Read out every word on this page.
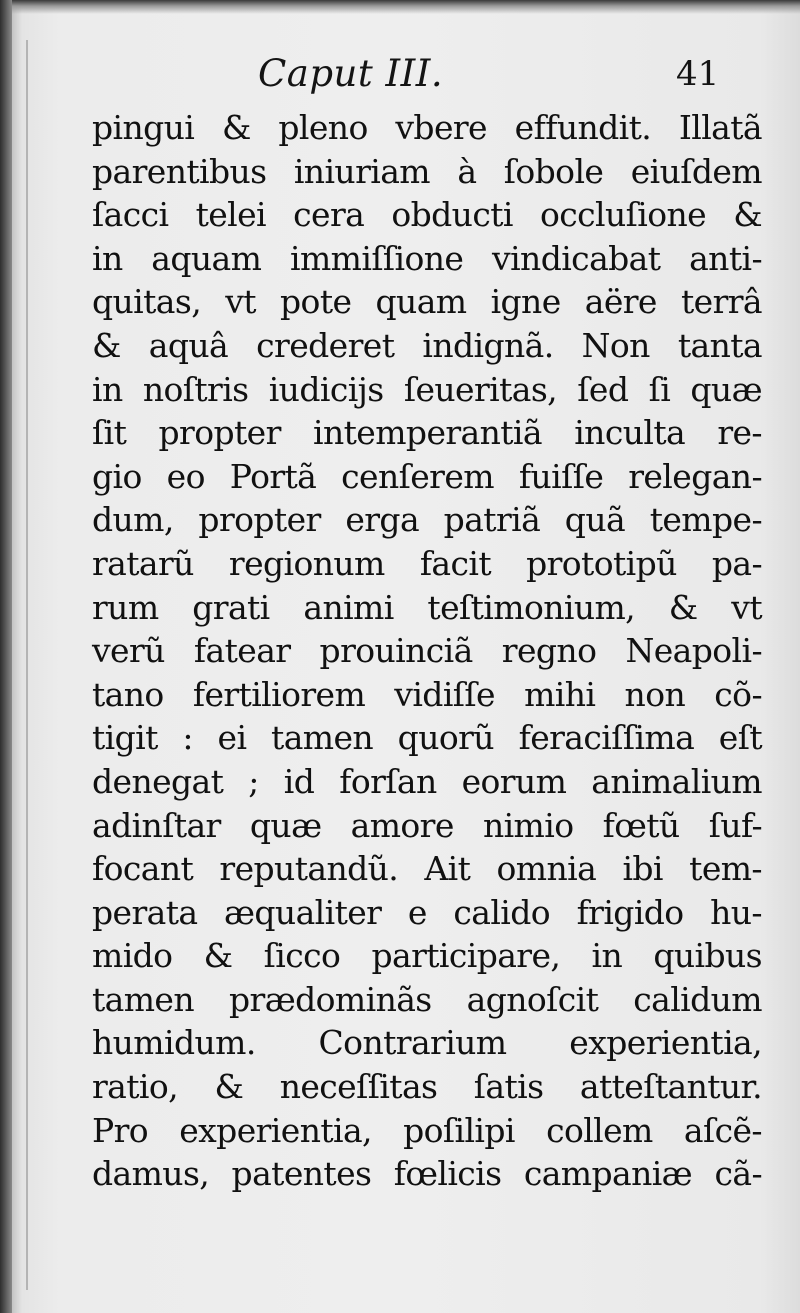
Caput III.	41
pingui & pleno vbere effundit. Illatã
parentibus iniuriam à ſobole eiuſdem
ſacci telei cera obducti occluſione &
in aquam immiſſione vindicabat anti-
quitas, vt pote quam igne aëre terrâ
& aquâ crederet indignã. Non tanta
in noſtris iudicijs ſeueritas, ſed ſi quæ
ſit propter intemperantiã inculta re-
gio eo Portã cenſerem fuiſſe relegan-
dum, propter erga patriã quã tempe-
ratarũ regionum facit prototipũ pa-
rum grati animi teſtimonium, & vt
verũ fatear prouinciã regno Neapoli-
tano fertiliorem vidiſſe mihi non cõ-
tigit : ei tamen quorũ feraciſſima eſt
denegat ; id forſan eorum animalium
adinſtar quæ amore nimio fœtũ ſuf-
focant reputandũ. Ait omnia ibi tem-
perata æqualiter e calido frigido hu-
mido & ſicco participare, in quibus
tamen prædominãs agnoſcit calidum
humidum. Contrarium experientia,
ratio, & neceſſitas ſatis atteſtantur.
Pro experientia, poſilipi collem aſcẽ-
damus, patentes fœlicis campaniæ cã-
